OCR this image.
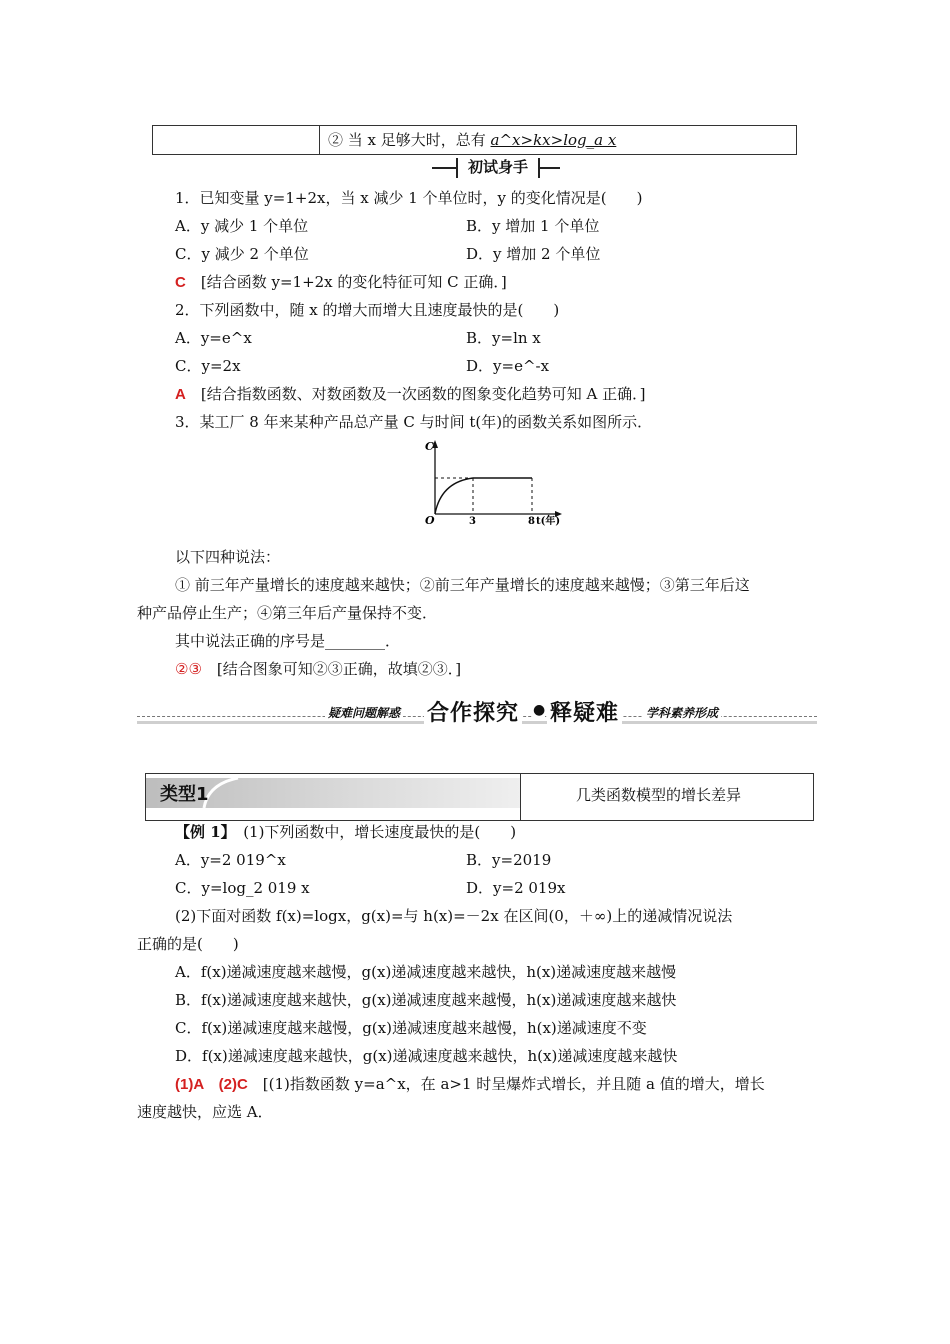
② 当 x 足够大时，总有 a^x>kx>log_a x
初试身手
1．已知变量 y=1+2x，当 x 减少 1 个单位时，y 的变化情况是(　　)
A．y 减少 1 个单位	B．y 增加 1 个单位
C．y 减少 2 个单位	D．y 增加 2 个单位
C　 [结合函数 y=1+2x 的变化特征可知 C 正确．]
2．下列函数中，随 x 的增大而增大且速度最快的是(　　)
A．y=e^x	B．y=ln x
C．y=2x	D．y=e^-x
A　 [结合指数函数、对数函数及一次函数的图象变化趋势可知 A 正确．]
3．某工厂 8 年来某种产品总产量 C 与时间 t(年)的函数关系如图所示．
C
O	3	8 t(年)
以下四种说法：
① 前三年产量增长的速度越来越快；②前三年产量增长的速度越来越慢；③第三年后这
种产品停止生产；④第三年后产量保持不变．
其中说法正确的序号是________．
②③　 [结合图象可知②③正确，故填②③．]
疑难问题解惑 合作探究 ● 释疑难 学科素养形成
类型1	几类函数模型的增长差异
【例 1】　 (1)下列函数中，增长速度最快的是(　　)
A．y=2 019^x	B．y=2019
C．y=log_2 019 x	D．y=2 019x
(2)下面对函数 f(x)=logx，g(x)=与 h(x)=－2x 在区间(0，＋∞)上的递减情况说法
正确的是(　　)
A．f(x)递减速度越来越慢，g(x)递减速度越来越快，h(x)递减速度越来越慢
B．f(x)递减速度越来越快，g(x)递减速度越来越慢，h(x)递减速度越来越快
C．f(x)递减速度越来越慢，g(x)递减速度越来越慢，h(x)递减速度不变
D．f(x)递减速度越来越快，g(x)递减速度越来越快，h(x)递减速度越来越快
(1)A　(2)C　 [(1)指数函数 y=a^x，在 a>1 时呈爆炸式增长，并且随 a 值的增大，增长
速度越快，应选 A．
